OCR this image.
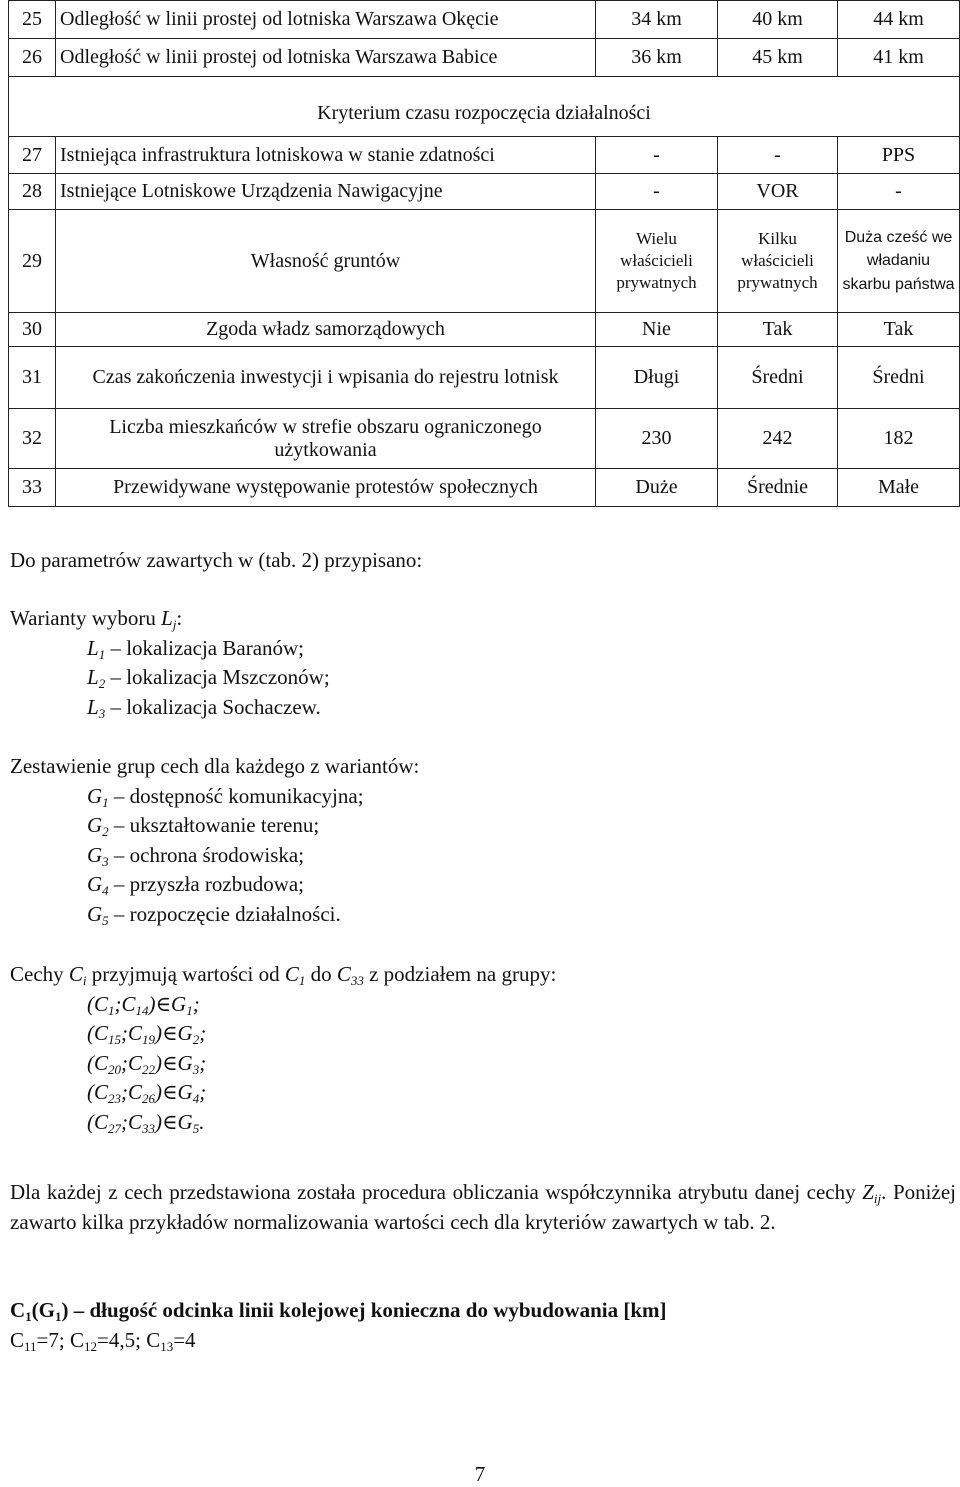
25	Odległość w linii prostej od lotniska Warszawa Okęcie	34 km	40 km	44 km
26	Odległość w linii prostej od lotniska Warszawa Babice	36 km	45 km	41 km
Kryterium czasu rozpoczęcia działalności				
27	Istniejąca infrastruktura lotniskowa w stanie zdatności	-	-	PPS
28	Istniejące Lotniskowe Urządzenia Nawigacyjne	-	VOR	-
29	Własność gruntów	Wielu właścicieli prywatnych	Kilku właścicieli prywatnych	Duża cześć we władaniu skarbu państwa
30	Zgoda władz samorządowych	Nie	Tak	Tak
31	Czas zakończenia inwestycji i wpisania do rejestru lotnisk	Długi	Średni	Średni
32	Liczba mieszkańców w strefie obszaru ograniczonego użytkowania	230	242	182
33	Przewidywane występowanie protestów społecznych	Duże	Średnie	Małe
Do parametrów zawartych w (tab. 2) przypisano:
Warianty wyboru $L_j$:
$L_1$ – lokalizacja Baranów;
$L_2$ – lokalizacja Mszczonów;
$L_3$ – lokalizacja Sochaczew.
Zestawienie grup cech dla każdego z wariantów:
$G_1$ – dostępność komunikacyjna;
$G_2$ – ukształtowanie terenu;
$G_3$ – ochrona środowiska;
$G_4$ – przyszła rozbudowa;
$G_5$ – rozpoczęcie działalności.
Cechy $C_i$ przyjmują wartości od $C_1$ do $C_{33}$ z podziałem na grupy:
$(C_1;C_{14})\in G_1$;
$(C_{15};C_{19})\in G_2$;
$(C_{20};C_{22})\in G_3$;
$(C_{23};C_{26})\in G_4$;
$(C_{27};C_{33})\in G_5$.
Dla każdej z cech przedstawiona została procedura obliczania współczynnika atrybutu danej cechy $Z_{ij}$. Poniżej zawarto kilka przykładów normalizowania wartości cech dla kryteriów zawartych w tab. 2.
$C_1(G_1)$ – długość odcinka linii kolejowej konieczna do wybudowania [km]
$C_{11}=7$; $C_{12}=4,5$; $C_{13}=4$
7
